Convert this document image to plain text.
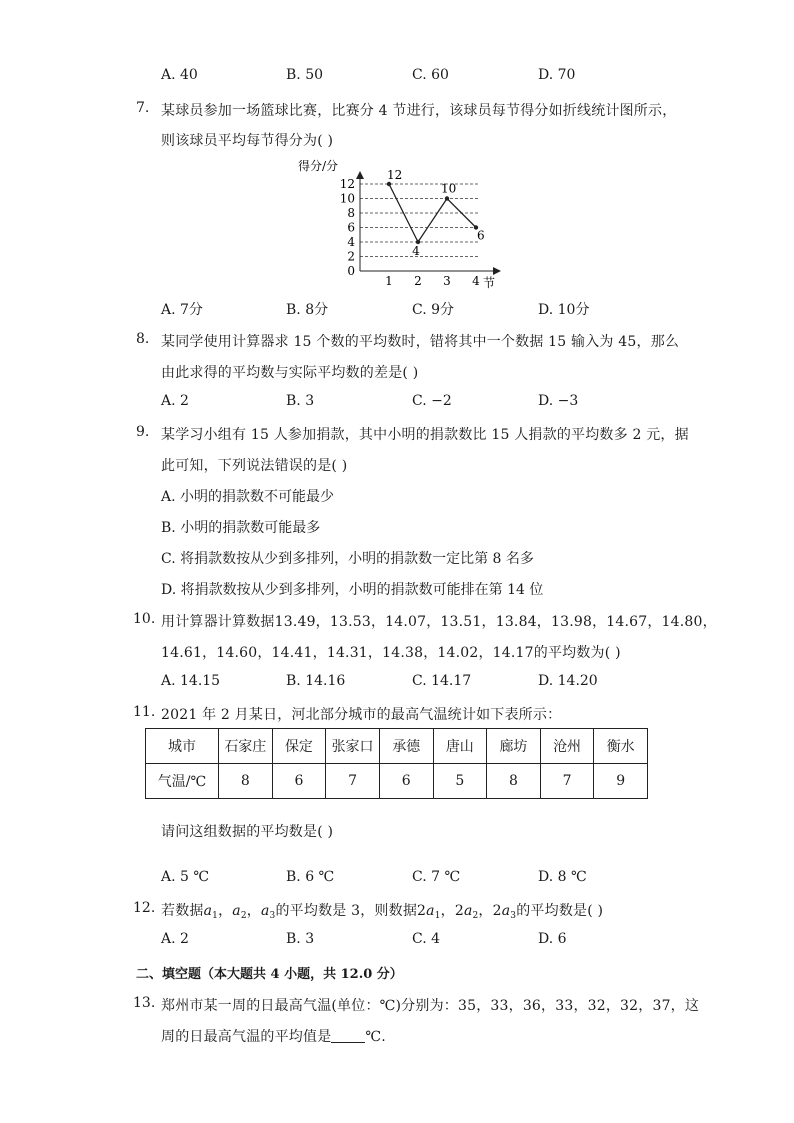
A. 40	B. 50	C. 60	D. 70
7. 某球员参加一场篮球比赛，比赛分 4 节进行，该球员每节得分如折线统计图所示，
则该球员平均每节得分为( )
得分/分
0
2
4
6
8
10
12
1 2 3 4
12
4
10
6
节
A. 7分	B. 8分	C. 9分	D. 10分
8. 某同学使用计算器求 15 个数的平均数时，错将其中一个数据 15 输入为 45，那么
由此求得的平均数与实际平均数的差是( )
A. 2	B. 3	C. −2	D. −3
9. 某学习小组有 15 人参加捐款，其中小明的捐款数比 15 人捐款的平均数多 2 元，据
此可知，下列说法错误的是( )
A. 小明的捐款数不可能最少
B. 小明的捐款数可能最多
C. 将捐款数按从少到多排列，小明的捐款数一定比第 8 名多
D. 将捐款数按从少到多排列，小明的捐款数可能排在第 14 位
10. 用计算器计算数据13.49，13.53，14.07，13.51，13.84，13.98，14.67，14.80，
14.61，14.60，14.41，14.31，14.38，14.02，14.17的平均数为( )
A. 14.15	B. 14.16	C. 14.17	D. 14.20
11. 2021 年 2 月某日，河北部分城市的最高气温统计如下表所示：
城市	石家庄	保定	张家口	承德	唐山	廊坊	沧州	衡水
气温/℃	8	6	7	6	5	8	7	9
请问这组数据的平均数是( )
A. 5 ℃	B. 6 ℃	C. 7 ℃	D. 8 ℃
12. 若数据$a_1$，$a_2$，$a_3$的平均数是 3，则数据$2a_1$，$2a_2$，$2a_3$的平均数是( )
A. 2	B. 3	C. 4	D. 6
二、填空题（本大题共 4 小题，共 12.0 分）
13. 郑州市某一周的日最高气温(单位：℃)分别为：35，33，36，33，32，32，37，这
周的日最高气温的平均值是 ℃.
